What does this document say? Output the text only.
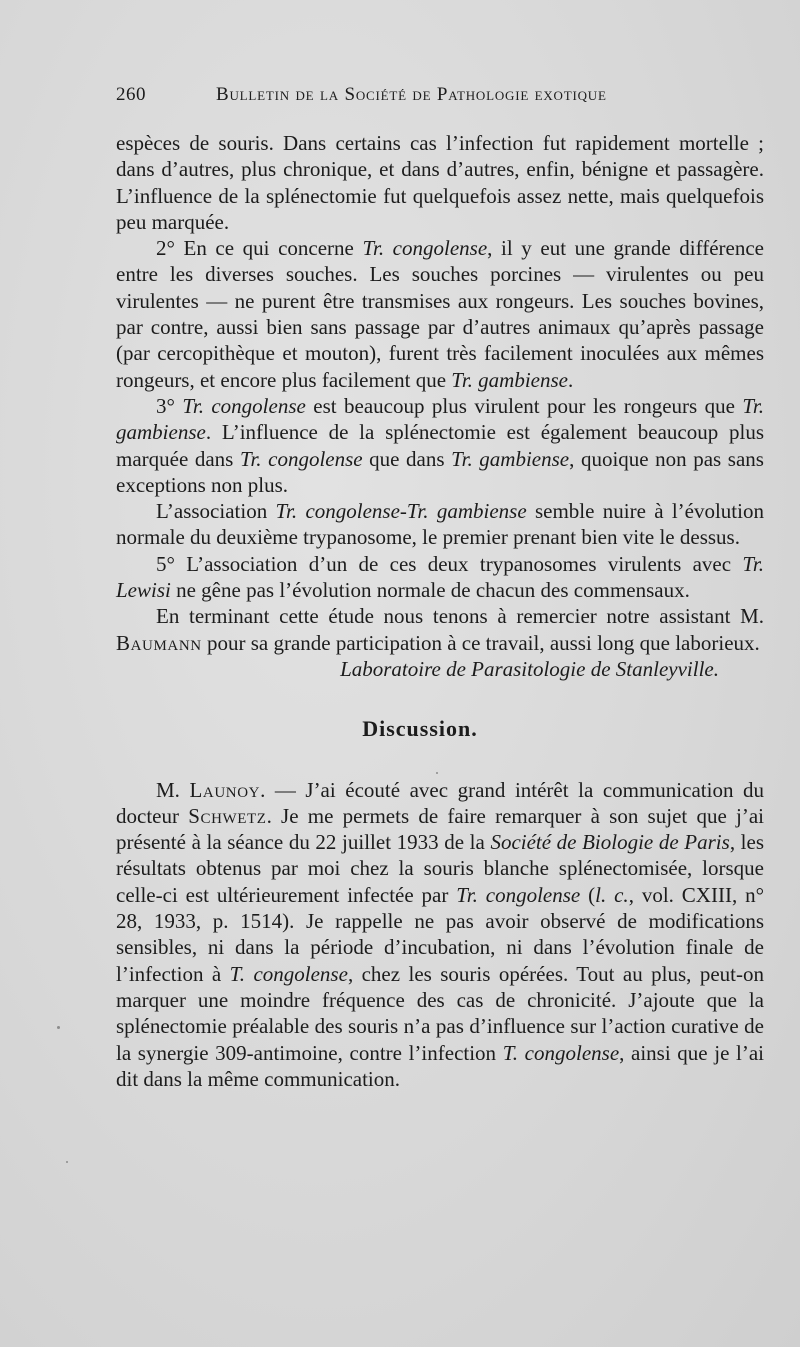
260	Bulletin de la Société de Pathologie exotique

espèces de souris. Dans certains cas l’infection fut rapidement mortelle ; dans d’autres, plus chronique, et dans d’autres, enfin, bénigne et passagère. L’influence de la splénectomie fut quelquefois assez nette, mais quelquefois peu marquée.

2° En ce qui concerne Tr. congolense, il y eut une grande différence entre les diverses souches. Les souches porcines — virulentes ou peu virulentes — ne purent être transmises aux rongeurs. Les souches bovines, par contre, aussi bien sans passage par d’autres animaux qu’après passage (par cercopithèque et mouton), furent très facilement inoculées aux mêmes rongeurs, et encore plus facilement que Tr. gambiense.

3° Tr. congolense est beaucoup plus virulent pour les rongeurs que Tr. gambiense. L’influence de la splénectomie est également beaucoup plus marquée dans Tr. congolense que dans Tr. gambiense, quoique non pas sans exceptions non plus.

L’association Tr. congolense-Tr. gambiense semble nuire à l’évolution normale du deuxième trypanosome, le premier prenant bien vite le dessus.

5° L’association d’un de ces deux trypanosomes virulents avec Tr. Lewisi ne gêne pas l’évolution normale de chacun des commensaux.

En terminant cette étude nous tenons à remercier notre assistant M. Baumann pour sa grande participation à ce travail, aussi long que laborieux.

Laboratoire de Parasitologie de Stanleyville.

Discussion.

M. Launoy. — J’ai écouté avec grand intérêt la communication du docteur Schwetz. Je me permets de faire remarquer à son sujet que j’ai présenté à la séance du 22 juillet 1933 de la Société de Biologie de Paris, les résultats obtenus par moi chez la souris blanche splénectomisée, lorsque celle-ci est ultérieurement infectée par Tr. congolense (l. c., vol. CXIII, n° 28, 1933, p. 1514). Je rappelle ne pas avoir observé de modifications sensibles, ni dans la période d’incubation, ni dans l’évolution finale de l’infection à T. congolense, chez les souris opérées. Tout au plus, peut-on marquer une moindre fréquence des cas de chronicité. J’ajoute que la splénectomie préalable des souris n’a pas d’influence sur l’action curative de la synergie 309-antimoine, contre l’infection T. congolense, ainsi que je l’ai dit dans la même communication.
